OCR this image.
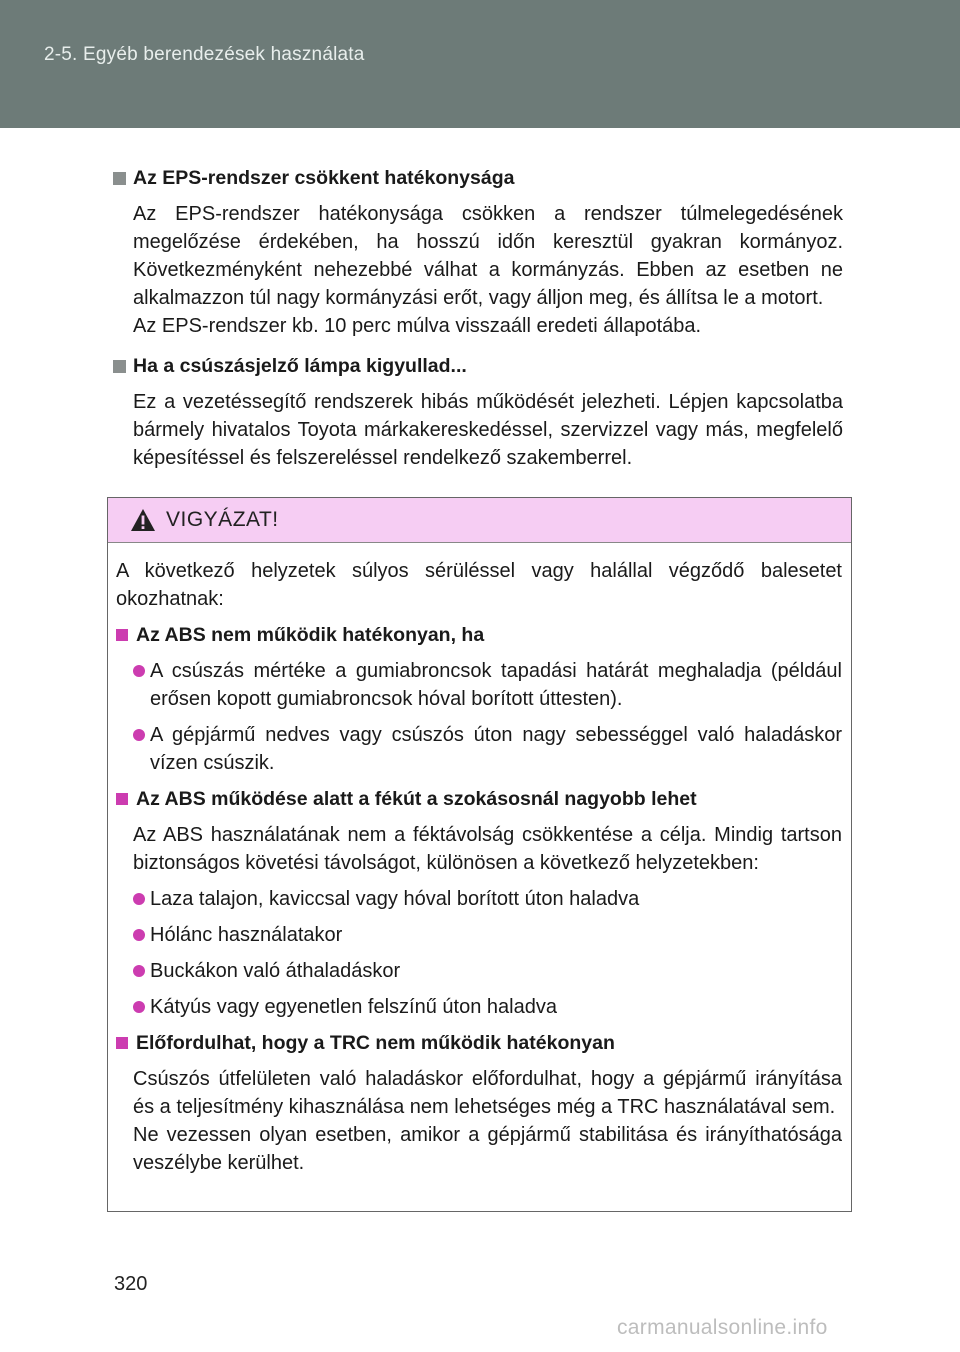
2-5. Egyéb berendezések használata
Az EPS-rendszer csökkent hatékonysága

Az EPS-rendszer hatékonysága csökken a rendszer túlmelegedésének megelőzése érdekében, ha hosszú időn keresztül gyakran kormányoz. Következményként nehezebbé válhat a kormányzás. Ebben az esetben ne alkalmazzon túl nagy kormányzási erőt, vagy álljon meg, és állítsa le a motort.

Az EPS-rendszer kb. 10 perc múlva visszaáll eredeti állapotába.

Ha a csúszásjelző lámpa kigyullad...

Ez a vezetéssegítő rendszerek hibás működését jelezheti. Lépjen kapcsolatba bármely hivatalos Toyota márkakereskedéssel, szervizzel vagy más, megfelelő képesítéssel és felszereléssel rendelkező szakemberrel.

VIGYÁZAT!

A következő helyzetek súlyos sérüléssel vagy halállal végződő balesetet okozhatnak:

Az ABS nem működik hatékonyan, ha
A csúszás mértéke a gumiabroncsok tapadási határát meghaladja (például erősen kopott gumiabroncsok hóval borított úttesten).
A gépjármű nedves vagy csúszós úton nagy sebességgel való haladáskor vízen csúszik.
Az ABS működése alatt a fékút a szokásosnál nagyobb lehet

Az ABS használatának nem a féktávolság csökkentése a célja. Mindig tartson biztonságos követési távolságot, különösen a következő helyzetekben:

Laza talajon, kaviccsal vagy hóval borított úton haladva
Hólánc használatakor
Buckákon való áthaladáskor
Kátyús vagy egyenetlen felszínű úton haladva
Előfordulhat, hogy a TRC nem működik hatékonyan

Csúszós útfelületen való haladáskor előfordulhat, hogy a gépjármű irányítása és a teljesítmény kihasználása nem lehetséges még a TRC használatával sem.

Ne vezessen olyan esetben, amikor a gépjármű stabilitása és irányíthatósága veszélybe kerülhet.

320
carmanualsonline.info
